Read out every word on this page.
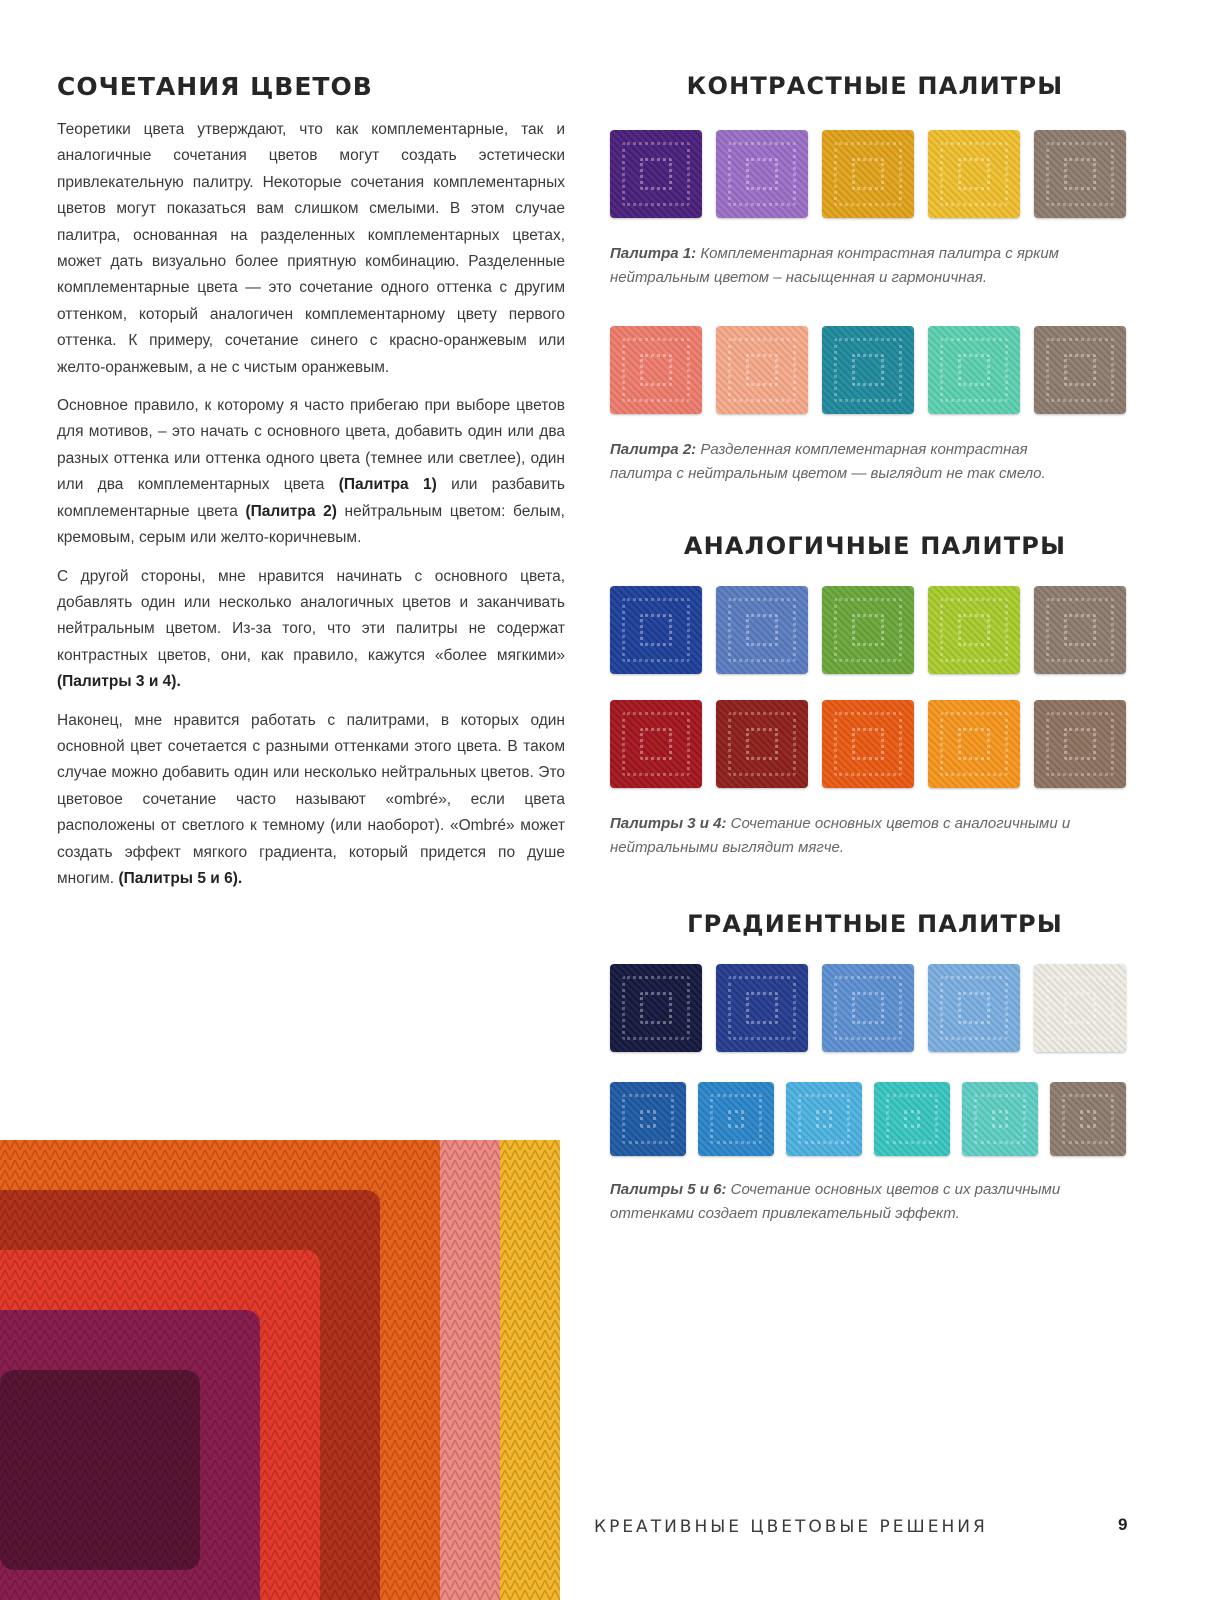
СОЧЕТАНИЯ ЦВЕТОВ

Теоретики цвета утверждают, что как комплементарные, так и аналогичные сочетания цветов могут создать эстетически привлекательную палитру. Некоторые сочетания комплементарных цветов могут показаться вам слишком смелыми. В этом случае палитра, основанная на разделенных комплементарных цветах, может дать визуально более приятную комбинацию. Разделенные комплементарные цвета — это сочетание одного оттенка с другим оттенком, который аналогичен комплементарному цвету первого оттенка. К примеру, сочетание синего с красно-оранжевым или желто-оранжевым, а не с чистым оранжевым.

Основное правило, к которому я часто прибегаю при выборе цветов для мотивов, – это начать с основного цвета, добавить один или два разных оттенка или оттенка одного цвета (темнее или светлее), один или два комплементарных цвета (Палитра 1) или разбавить комплементарные цвета (Палитра 2) нейтральным цветом: белым, кремовым, серым или желто-коричневым.

С другой стороны, мне нравится начинать с основного цвета, добавлять один или несколько аналогичных цветов и заканчивать нейтральным цветом. Из-за того, что эти палитры не содержат контрастных цветов, они, как правило, кажутся «более мягкими» (Палитры 3 и 4).

Наконец, мне нравится работать с палитрами, в которых один основной цвет сочетается с разными оттенками этого цвета. В таком случае можно добавить один или несколько нейтральных цветов. Это цветовое сочетание часто называют «ombré», если цвета расположены от светлого к темному (или наоборот). «Ombré» может создать эффект мягкого градиента, который придется по душе многим. (Палитры 5 и 6).

КОНТРАСТНЫЕ ПАЛИТРЫ

Палитра 1: Комплементарная контрастная палитра с ярким нейтральным цветом – насыщенная и гармоничная.

Палитра 2: Разделенная комплементарная контрастная палитра с нейтральным цветом — выглядит не так смело.

АНАЛОГИЧНЫЕ ПАЛИТРЫ

Палитры 3 и 4: Сочетание основных цветов с аналогичными и нейтральными выглядит мягче.

ГРАДИЕНТНЫЕ ПАЛИТРЫ

Палитры 5 и 6: Сочетание основных цветов с их различными оттенками создает привлекательный эффект.

КРЕАТИВНЫЕ ЦВЕТОВЫЕ РЕШЕНИЯ	9
